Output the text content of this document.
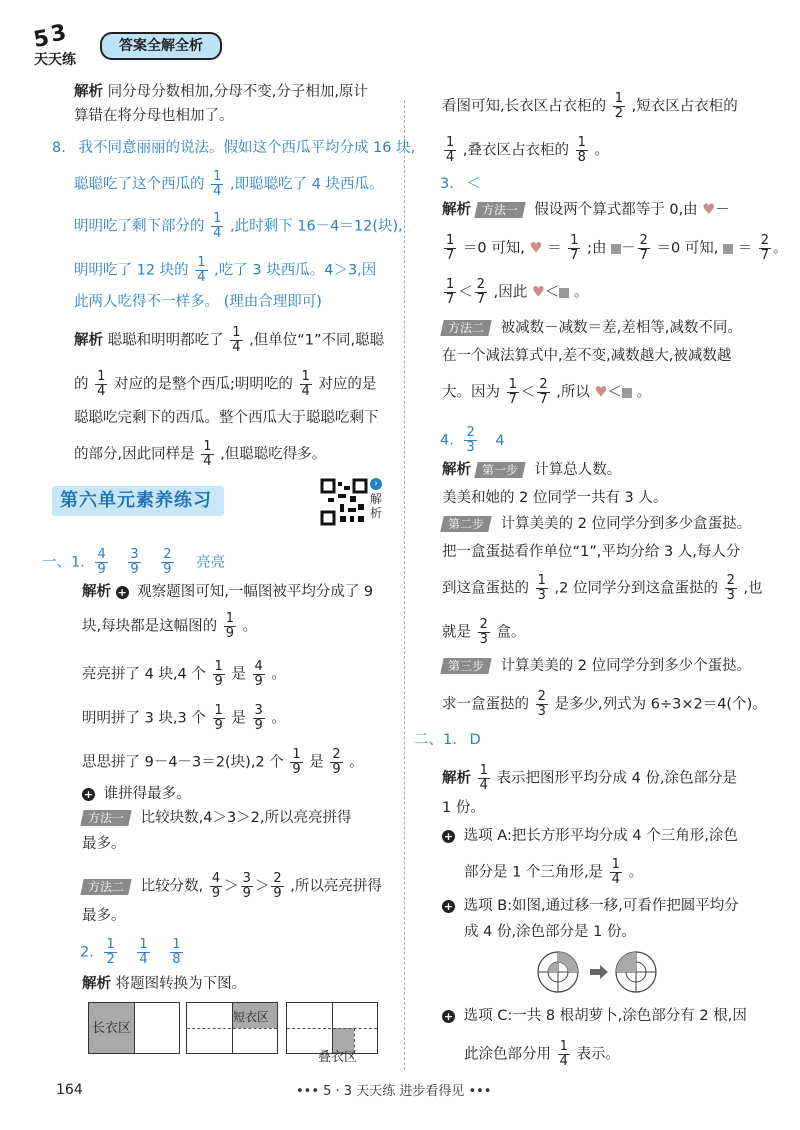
5
3
天天练
答案全解全析
解析 同分母分数相加,分母不变,分子相加,原计
算错在将分母也相加了。
8. 我不同意丽丽的说法。假如这个西瓜平均分成 16 块,
聪聪吃了这个西瓜的 $\frac{1}{4}$ ,即聪聪吃了 4 块西瓜。
明明吃了剩下部分的 $\frac{1}{4}$ ,此时剩下 16－4＝12(块),
明明吃了 12 块的 $\frac{1}{4}$ ,吃了 3 块西瓜。4＞3,因
此两人吃得不一样多。 (理由合理即可)
解析 聪聪和明明都吃了 $\frac{1}{4}$ ,但单位“1”不同,聪聪
的 $\frac{1}{4}$ 对应的是整个西瓜;明明吃的 $\frac{1}{4}$ 对应的是
聪聪吃完剩下的西瓜。整个西瓜大于聪聪吃剩下
的部分,因此同样是 $\frac{1}{4}$ ,但聪聪吃得多。
第六单元素养练习
›
解析
一、1. $\frac{4}{9}$
$\frac{3}{9}$
$\frac{2}{9}$ 亮亮
解析 + 观察题图可知,一幅图被平均分成了 9
块,每块都是这幅图的 $\frac{1}{9}$ 。
亮亮拼了 4 块,4 个 $\frac{1}{9}$ 是 $\frac{4}{9}$ 。
明明拼了 3 块,3 个 $\frac{1}{9}$ 是 $\frac{3}{9}$ 。
思思拼了 9－4－3＝2(块),2 个 $\frac{1}{9}$ 是 $\frac{2}{9}$ 。
+ 谁拼得最多。
方法一 比较块数,4＞3＞2,所以亮亮拼得
最多。
方法二 比较分数, $\frac{4}{9} > \frac{3}{9} > \frac{2}{9}$ ,所以亮亮拼得
最多。
2. $\frac{1}{2}$
$\frac{1}{4}$
$\frac{1}{8}$
解析 将题图转换为下图。
长衣区
短衣区
叠衣区
看图可知,长衣区占衣柜的 $\frac{1}{2}$ ,短衣区占衣柜的
$\frac{1}{4}$ ,叠衣区占衣柜的 $\frac{1}{8}$ 。
3. ＜
解析 方法一 假设两个算式都等于 0,由 ♥－
$\frac{1}{7} =0$ 可知, ♥ ＝ $\frac{1}{7}$ ;由 － $\frac{2}{7} =0$ 可知, ＝ $\frac{2}{7}$ 。
$\frac{1}{7} < \frac{2}{7}$ ,因此 ♥＜ 。
方法二 被减数－减数＝差,差相等,减数不同。
在一个减法算式中,差不变,减数越大,被减数越
大。因为 $\frac{1}{7} < \frac{2}{7}$ ,所以 ♥＜ 。
4. $\frac{2}{3} 4$
解析 第一步 计算总人数。
美美和她的 2 位同学一共有 3 人。
第二步 计算美美的 2 位同学分到多少盒蛋挞。
把一盒蛋挞看作单位“1”,平均分给 3 人,每人分
到这盒蛋挞的 $\frac{1}{3} ,2$ 位同学分到这盒蛋挞的 $\frac{2}{3}$ ,也
就是 $\frac{2}{3}$ 盒。
第三步 计算美美的 2 位同学分到多少个蛋挞。
求一盒蛋挞的 $\frac{2}{3}$ 是多少,列式为 6÷3×2＝4(个)。
二、1. D
解析 $\frac{1}{4}$ 表示把图形平均分成 4 份,涂色部分是
1 份。
+ 选项 A:把长方形平均分成 4 个三角形,涂色
部分是 1 个三角形,是 $\frac{1}{4}$ 。
+ 选项 B:如图,通过移一移,可看作把圆平均分
成 4 份,涂色部分是 1 份。
+ 选项 C:一共 8 根胡萝卜,涂色部分有 2 根,因
此涂色部分用 $\frac{1}{4}$ 表示。
164	••• 5 · 3 天天练 进步看得见 •••
